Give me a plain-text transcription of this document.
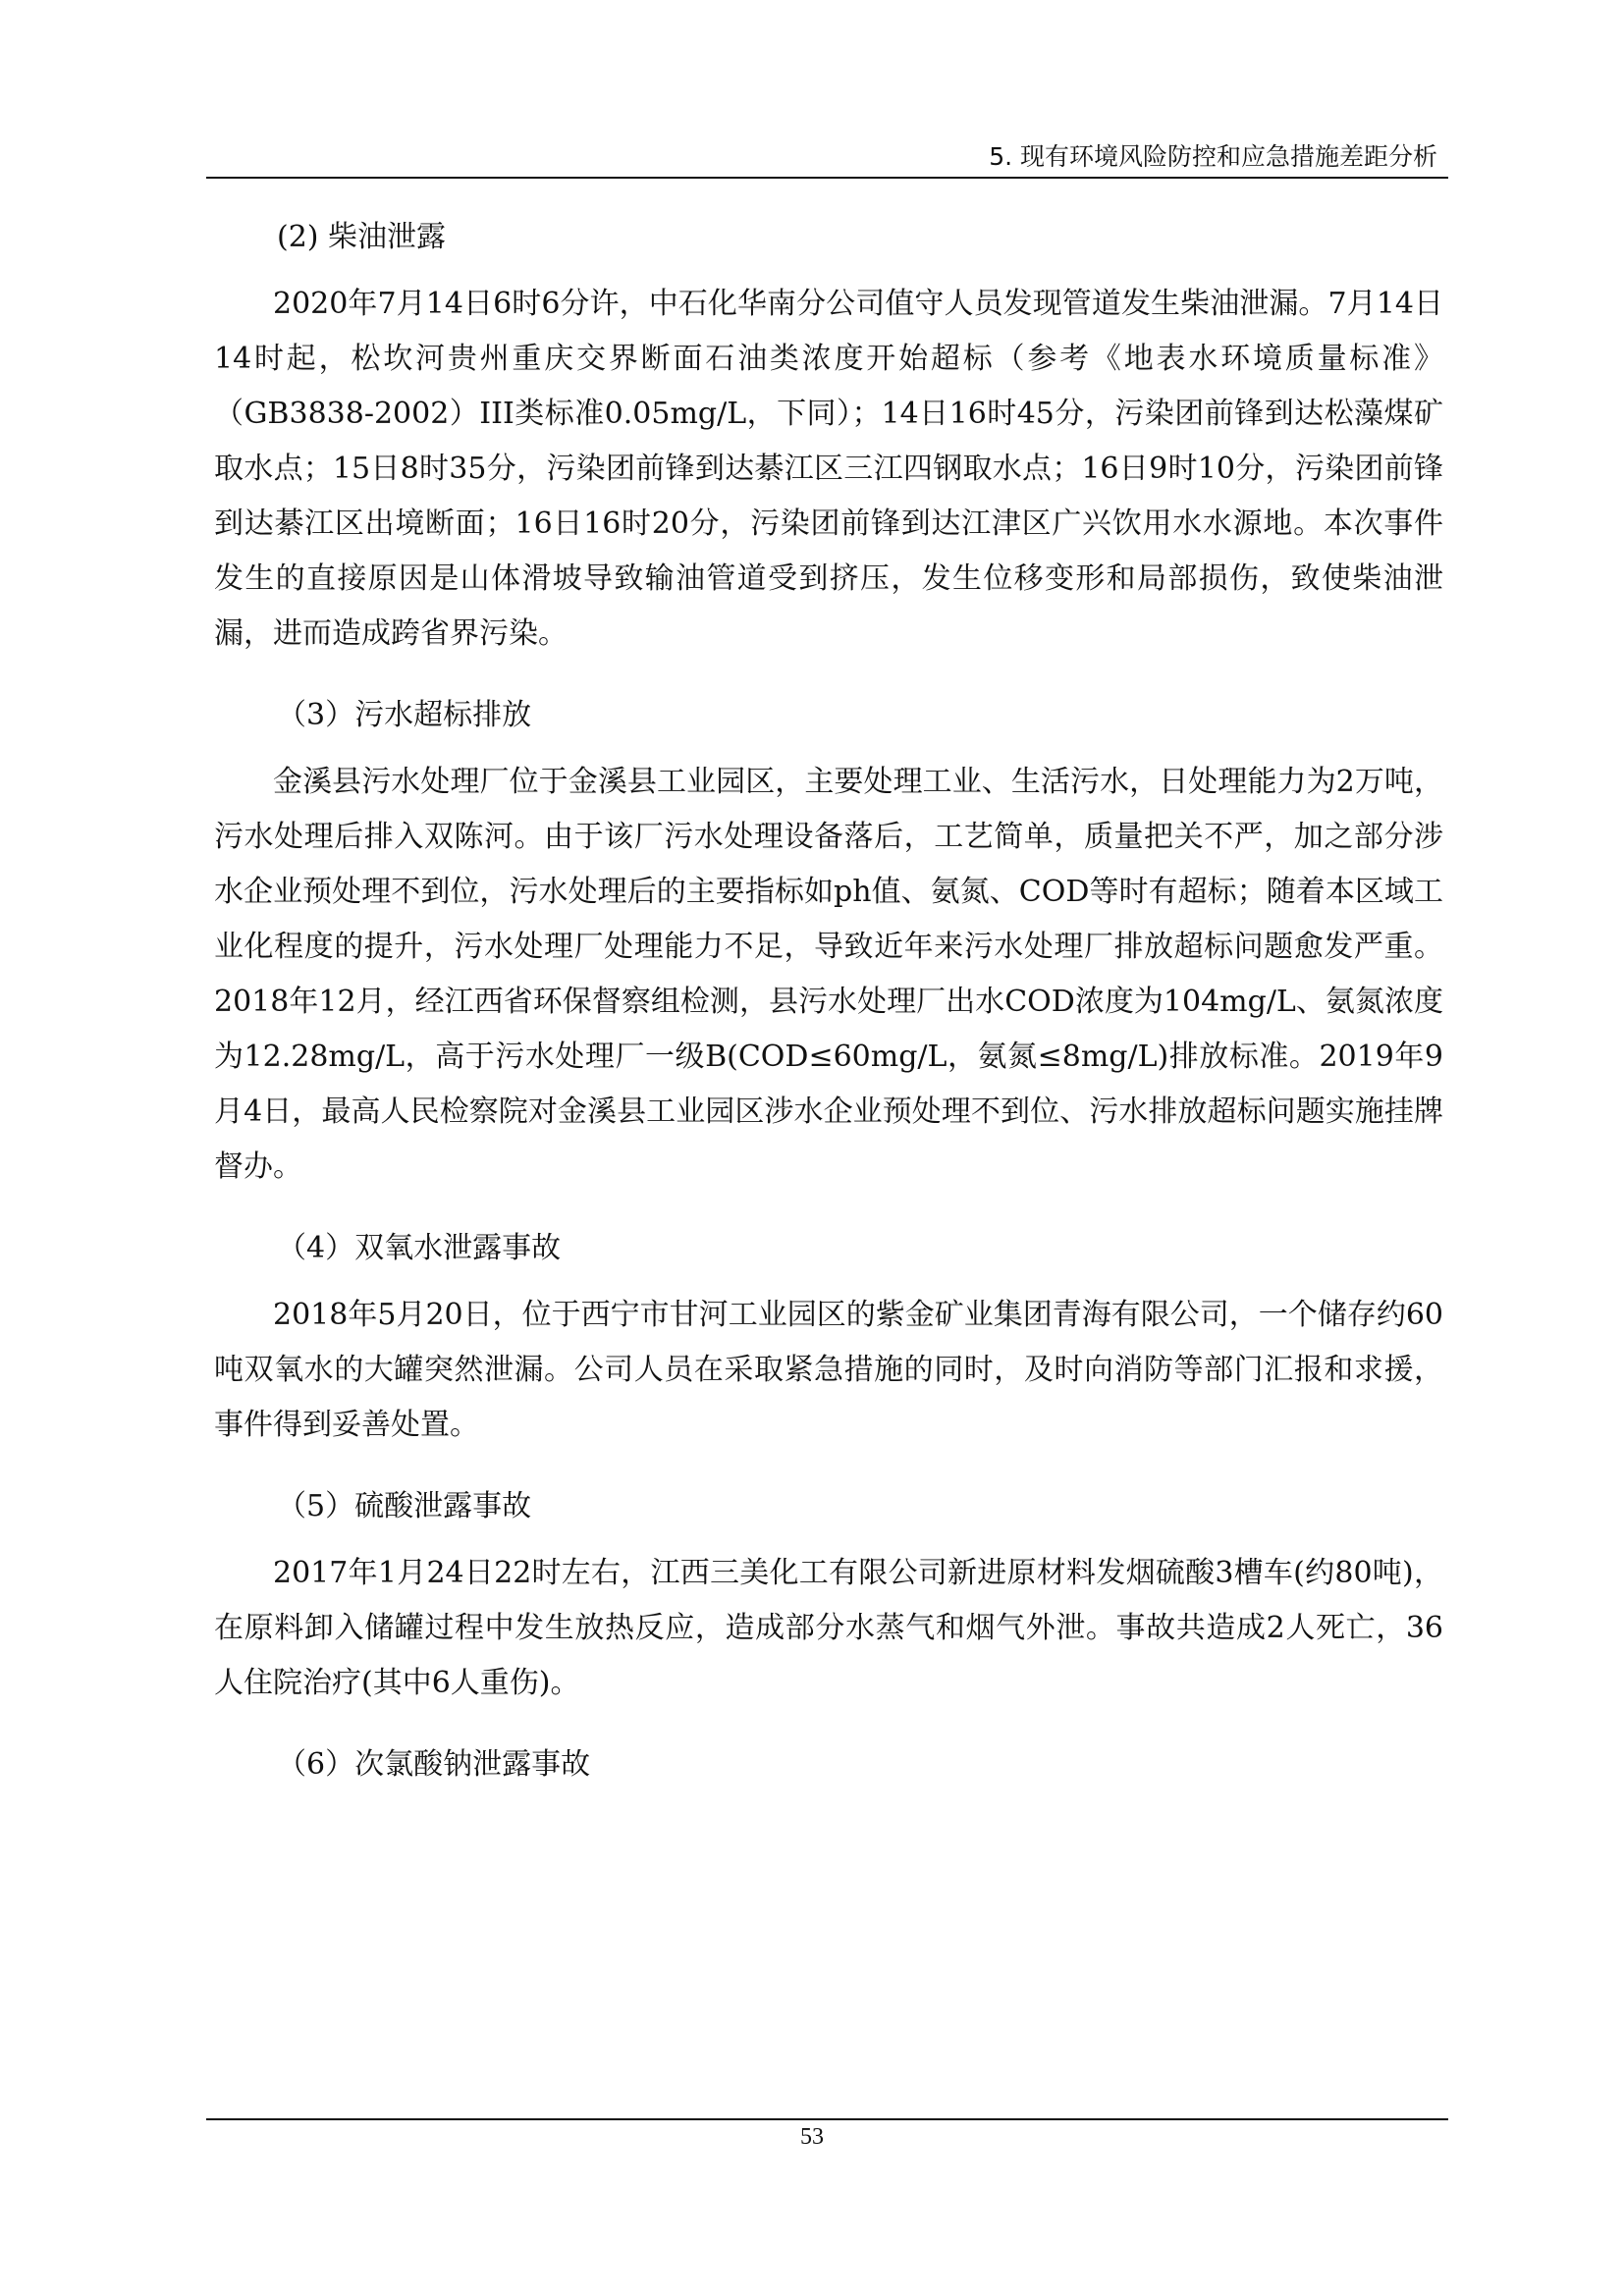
5. 现有环境风险防控和应急措施差距分析
(2) 柴油泄露

2020年7月14日6时6分许，中石化华南分公司值守人员发现管道发生柴油泄漏。7月14日14时起，松坎河贵州重庆交界断面石油类浓度开始超标（参考《地表水环境质量标准》（GB3838-2002）III类标准0.05mg/L，下同）；14日16时45分，污染团前锋到达松藻煤矿取水点；15日8时35分，污染团前锋到达綦江区三江四钢取水点；16日9时10分，污染团前锋到达綦江区出境断面；16日16时20分，污染团前锋到达江津区广兴饮用水水源地。本次事件发生的直接原因是山体滑坡导致输油管道受到挤压，发生位移变形和局部损伤，致使柴油泄漏，进而造成跨省界污染。

（3）污水超标排放

金溪县污水处理厂位于金溪县工业园区，主要处理工业、生活污水，日处理能力为2万吨，污水处理后排入双陈河。由于该厂污水处理设备落后，工艺简单，质量把关不严，加之部分涉水企业预处理不到位，污水处理后的主要指标如ph值、氨氮、COD等时有超标；随着本区域工业化程度的提升，污水处理厂处理能力不足，导致近年来污水处理厂排放超标问题愈发严重。2018年12月，经江西省环保督察组检测，县污水处理厂出水COD浓度为104mg/L、氨氮浓度为12.28mg/L，高于污水处理厂一级B(COD≤60mg/L，氨氮≤8mg/L)排放标准。2019年9月4日，最高人民检察院对金溪县工业园区涉水企业预处理不到位、污水排放超标问题实施挂牌督办。

（4）双氧水泄露事故

2018年5月20日，位于西宁市甘河工业园区的紫金矿业集团青海有限公司，一个储存约60吨双氧水的大罐突然泄漏。公司人员在采取紧急措施的同时，及时向消防等部门汇报和求援，事件得到妥善处置。

（5）硫酸泄露事故

2017年1月24日22时左右，江西三美化工有限公司新进原材料发烟硫酸3槽车(约80吨)，在原料卸入储罐过程中发生放热反应，造成部分水蒸气和烟气外泄。事故共造成2人死亡，36人住院治疗(其中6人重伤)。

（6）次氯酸钠泄露事故
53
